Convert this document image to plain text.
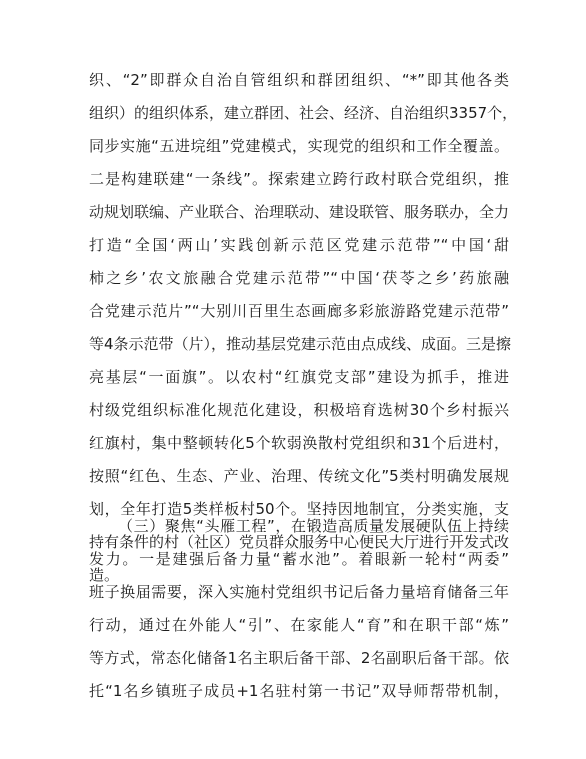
织、“2”即群众自治自管组织和群团组织、“*”即其他各类
组织）的组织体系，建立群团、社会、经济、自治组织3357个，
同步实施“五进垸组”党建模式，实现党的组织和工作全覆盖。
二是构建联建“一条线”。探索建立跨行政村联合党组织，推
动规划联编、产业联合、治理联动、建设联管、服务联办，全力
打造“全国‘两山’实践创新示范区党建示范带”“中国‘甜
柿之乡’农文旅融合党建示范带”“中国‘茯苓之乡’药旅融
合党建示范片”“大别川百里生态画廊多彩旅游路党建示范带”
等4条示范带（片），推动基层党建示范由点成线、成面。三是擦
亮基层“一面旗”。以农村“红旗党支部”建设为抓手，推进
村级党组织标准化规范化建设，积极培育选树30个乡村振兴
红旗村，集中整顿转化5个软弱涣散村党组织和31个后进村，
按照“红色、生态、产业、治理、传统文化”5类村明确发展规
划，全年打造5类样板村50个。坚持因地制宜，分类实施，支
持有条件的村（社区）党员群众服务中心便民大厅进行开发式改
造。
（三）聚焦“头雁工程”，在锻造高质量发展硬队伍上持续
发力。一是建强后备力量“蓄水池”。着眼新一轮村“两委”
班子换届需要，深入实施村党组织书记后备力量培育储备三年
行动，通过在外能人“引”、在家能人“育”和在职干部“炼”
等方式，常态化储备1名主职后备干部、2名副职后备干部。依
托“1名乡镇班子成员+1名驻村第一书记”双导师帮带机制，
